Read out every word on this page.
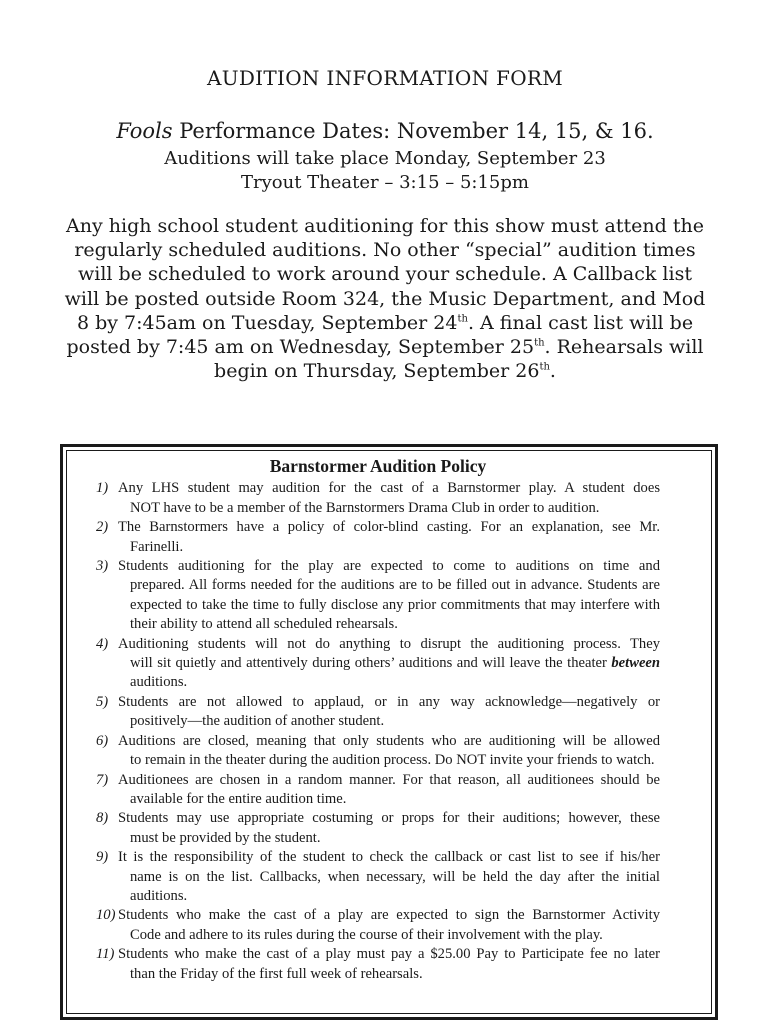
AUDITION INFORMATION FORM
Fools Performance Dates: November 14, 15, & 16.
Auditions will take place Monday, September 23
Tryout Theater – 3:15 – 5:15pm
Any high school student auditioning for this show must attend the regularly scheduled auditions. No other “special” audition times will be scheduled to work around your schedule. A Callback list will be posted outside Room 324, the Music Department, and Mod 8 by 7:45am on Tuesday, September 24th. A final cast list will be posted by 7:45 am on Wednesday, September 25th. Rehearsals will begin on Thursday, September 26th.
Barnstormer Audition Policy
1) Any LHS student may audition for the cast of a Barnstormer play. A student does
NOT have to be a member of the Barnstormers Drama Club in order to audition.
2) The Barnstormers have a policy of color-blind casting. For an explanation, see Mr.
Farinelli.
3) Students auditioning for the play are expected to come to auditions on time and
prepared. All forms needed for the auditions are to be filled out in advance. Students are expected to take the time to fully disclose any prior commitments that may interfere with their ability to attend all scheduled rehearsals.
4) Auditioning students will not do anything to disrupt the auditioning process. They
will sit quietly and attentively during others’ auditions and will leave the theater between auditions.
5) Students are not allowed to applaud, or in any way acknowledge—negatively or
positively—the audition of another student.
6) Auditions are closed, meaning that only students who are auditioning will be allowed
to remain in the theater during the audition process. Do NOT invite your friends to watch.
7) Auditionees are chosen in a random manner. For that reason, all auditionees should be
available for the entire audition time.
8) Students may use appropriate costuming or props for their auditions; however, these
must be provided by the student.
9) It is the responsibility of the student to check the callback or cast list to see if his/her
name is on the list. Callbacks, when necessary, will be held the day after the initial auditions.
10) Students who make the cast of a play are expected to sign the Barnstormer Activity
Code and adhere to its rules during the course of their involvement with the play.
11) Students who make the cast of a play must pay a $25.00 Pay to Participate fee no later
than the Friday of the first full week of rehearsals.
